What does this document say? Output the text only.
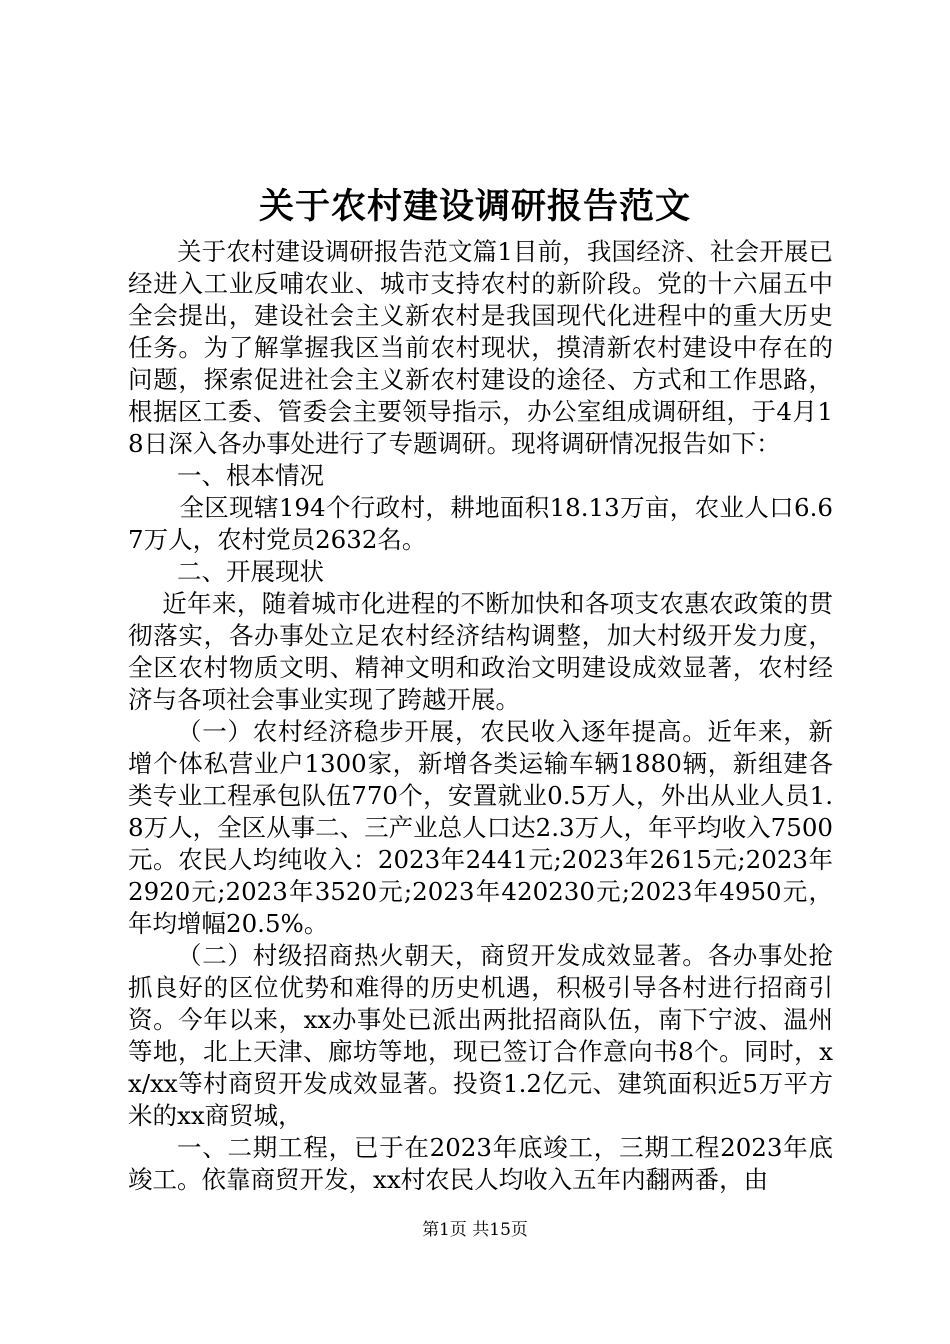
关于农村建设调研报告范文

关于农村建设调研报告范文篇1目前，我国经济、社会开展已经进入工业反哺农业、城市支持农村的新阶段。党的十六届五中全会提出，建设社会主义新农村是我国现代化进程中的重大历史任务。为了解掌握我区当前农村现状，摸清新农村建设中存在的问题，探索促进社会主义新农村建设的途径、方式和工作思路，根据区工委、管委会主要领导指示，办公室组成调研组，于4月18日深入各办事处进行了专题调研。现将调研情况报告如下：

一、根本情况

全区现辖194个行政村，耕地面积18.13万亩，农业人口6.67万人，农村党员2632名。

二、开展现状

近年来，随着城市化进程的不断加快和各项支农惠农政策的贯彻落实，各办事处立足农村经济结构调整，加大村级开发力度，全区农村物质文明、精神文明和政治文明建设成效显著，农村经济与各项社会事业实现了跨越开展。

（一）农村经济稳步开展，农民收入逐年提高。近年来，新增个体私营业户1300家，新增各类运输车辆1880辆，新组建各类专业工程承包队伍770个，安置就业0.5万人，外出从业人员1.8万人，全区从事二、三产业总人口达2.3万人，年平均收入7500元。农民人均纯收入：2023年2441元;2023年2615元;2023年2920元;2023年3520元;2023年420230元;2023年4950元，年均增幅20.5%。

（二）村级招商热火朝天，商贸开发成效显著。各办事处抢抓良好的区位优势和难得的历史机遇，积极引导各村进行招商引资。今年以来，xx办事处已派出两批招商队伍，南下宁波、温州等地，北上天津、廊坊等地，现已签订合作意向书8个。同时，xx/xx等村商贸开发成效显著。投资1.2亿元、建筑面积近5万平方米的xx商贸城，

一、二期工程，已于在2023年底竣工，三期工程2023年底竣工。依靠商贸开发，xx村农民人均收入五年内翻两番，由

第1页 共15页
